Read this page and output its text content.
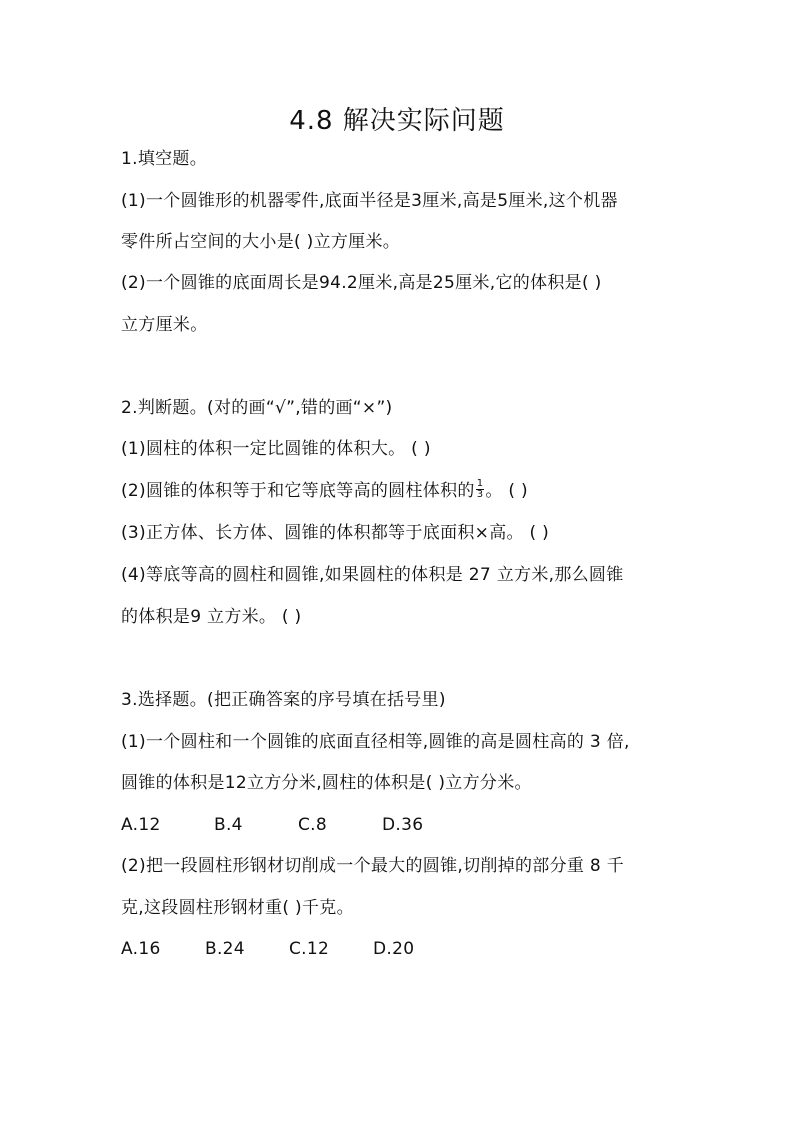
4.8 解决实际问题
1.填空题。
(1)一个圆锥形的机器零件,底面半径是3厘米,高是5厘米,这个机器
零件所占空间的大小是( )立方厘米。
(2)一个圆锥的底面周长是94.2厘米,高是25厘米,它的体积是( )
立方厘米。
2.判断题。(对的画“√”,错的画“×”)
(1)圆柱的体积一定比圆锥的体积大。 ( )
(2)圆锥的体积等于和它等底等高的圆柱体积的 $\frac{1}{3}$ 。 ( )
(3)正方体、长方体、圆锥的体积都等于底面积×高。 ( )
(4)等底等高的圆柱和圆锥,如果圆柱的体积是 27 立方米,那么圆锥
的体积是9 立方米。 ( )
3.选择题。(把正确答案的序号填在括号里)
(1)一个圆柱和一个圆锥的底面直径相等,圆锥的高是圆柱高的 3 倍,
圆锥的体积是12立方分米,圆柱的体积是( )立方分米。
A.12	B.4	C.8	D.36
(2)把一段圆柱形钢材切削成一个最大的圆锥,切削掉的部分重 8 千
克,这段圆柱形钢材重( )千克。
A.16	B.24	C.12	D.20
